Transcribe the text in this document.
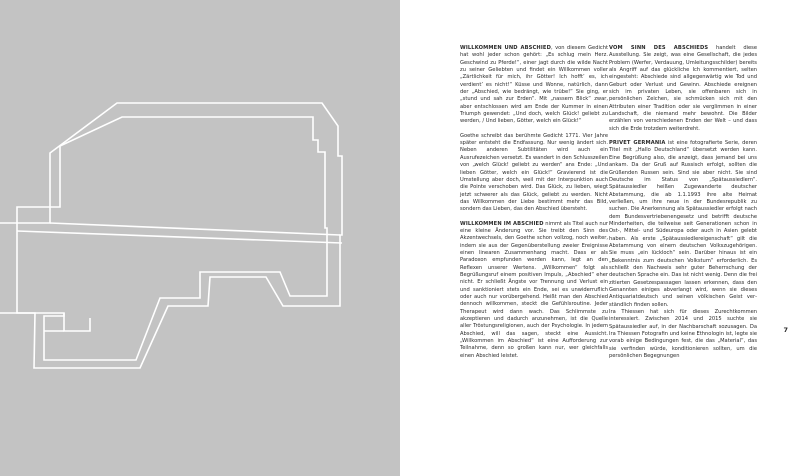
WILLKOMMEN UND ABSCHIED, von diesem Gedicht hat wohl jeder schon gehört: „Es schlug mein Herz. Geschwind zu Pferde!“, einer jagt durch die wilde Nacht zu seiner Geliebten und findet ein Willkommen voller „Zärtlichkeit für mich, ihr Götter! Ich hofft’ es, ich verdient’ es nicht!“ Küsse und Wonne, natürlich, dann der „Abschied, wie bedrängt, wie trübe!“ Sie ging, er „stund und sah zur Erden“. Mit „nassem Blick“ zwar, aber entschlossen wird am Ende der Kummer in einen Triumph gewendet: „Und doch, welch Glück! geliebt zu werden, / Und lieben, Götter, welch ein Glück!“

Goethe schreibt das berühmte Gedicht 1771. Vier Jahre später entsteht die Endfassung. Nur wenig ändert sich. Neben anderen Subtilitäten wird auch ein Ausrufezeichen versetzt. Es wandert in den Schlusszeilen von „welch Glück! geliebt zu werden“ ans Ende: „Und lieben Götter, welch ein Glück!“ Gravierend ist die Umstellung aber doch, weil mit der Interpunktion auch die Pointe verschoben wird. Das Glück, zu lieben, wiegt jetzt schwerer als das Glück, geliebt zu werden. Nicht das Willkommen der Liebe bestimmt mehr das Bild, sondern das Lieben, das den Abschied übersteht.

WILLKOMMEN IM ABSCHIED nimmt als Titel auch nur eine kleine Änderung vor. Sie treibt den Sinn des Akzentwechsels, den Goethe schon vollzog, noch weiter, indem sie aus der Gegenüberstellung zweier Ereignisse einen linearen Zusammenhang macht. Dass er als Paradoxon empfunden werden kann, legt an den Reflexen unserer Wertens. „Willkommen“ folgt als Begrüßungsruf einem positiven Impuls, „Abschied“ eher nicht. Er schließt Ängste vor Trennung und Verlust ein und sanktioniert stets ein Ende, sei es unwiderruflich oder auch nur vorübergehend. Heißt man den Abschied dennoch willkommen, steckt die Gefühlsroutine. Jeder Therapeut wird dann wach. Das Schlimmste zu akzeptieren und dadurch anzunehmen, ist die Quelle aller Tröstungsreligionen, auch der Psychologie. In jedem Abschied, will das sagen, steckt eine Aussicht. „Willkommen im Abschied“ ist eine Aufforderung zur Teilnahme, denn so großen kann nur, wer gleichfalls einen Abschied leistet.

VOM SINN DES ABSCHIEDS handelt diese Ausstellung. Sie zeigt, was eine Gesellschaft, die jedes Problem (Werfer, Verdauung, Umleitungsschilder) bereits als Angriff auf das glückliche Ich kommentiert, selten eingesteht: Abschiede sind allgegenwärtig wie Tod und Geburt oder Verlust und Gewinn. Abschiede ereignen sich im privaten Leben, sie offenbaren sich in persönlichen Zeichen, sie schmücken sich mit den Attributen einer Tradition oder sie verglimmen in einer Landschaft, die niemand mehr bewohnt. Die Bilder erzählen von verschiedenen Enden der Welt – und dass sich die Erde trotzdem weiterdreht.

PRIVET GERMANIA ist eine fotografierte Serie, deren Titel mit „Hallo Deutschland“ übersetzt werden kann. Eine Begrüßung also, die anzeigt, dass jemand bei uns ankam. Da der Gruß auf Russisch erfolgt, sollten die Grüßenden Russen sein. Sind sie aber nicht. Sie sind Deutsche im Status von „Spätaussiedlern“. Spätaussiedler heißen Zugewanderte deutscher Abstammung, die ab 1.1.1993 ihre alte Heimat verließen, um ihre neue in der Bundesrepublik zu suchen. Die Anerkennung als Spätaussiedler erfolgt nach dem Bundesvertriebenengesetz und betrifft deutsche Minderheiten, die teilweise seit Generationen schon in Ost-, Mittel- und Südeuropa oder auch in Asien gelebt haben. Als erste „Spätaussiedlereigenschaft“ gilt die Abstammung von einem deutschen Volkszugehörigen. Sie muss „ein lückloch“ sein. Darüber hinaus ist ein „Bekenntnis zum deutschen Volkstum“ erforderlich. Es schließt den Nachweis sehr guter Beherrschung der deutschen Sprache ein. Das ist nicht wenig. Denn die frei zitierten Gesetzespassagen lassen erkennen, dass den Genannten einiges abverlangt wird, wenn sie dieses Antiquariatdeutsch und seinen völkischen Geist verständlich finden sollen.

Ira Thiessen hat sich für dieses Zurechtkommen interessiert. Zwischen 2014 und 2015 suchte sie Spätaussiedler auf, in der Nachbarschaft sozusagen. Da Ira Thiessen Fotografin und keine Ethnologin ist, legte sie vorab einige Bedingungen fest, die das „Material“, das sie verfinden würde, konditionieren sollten, um die persönlichen Begegnungen

7
